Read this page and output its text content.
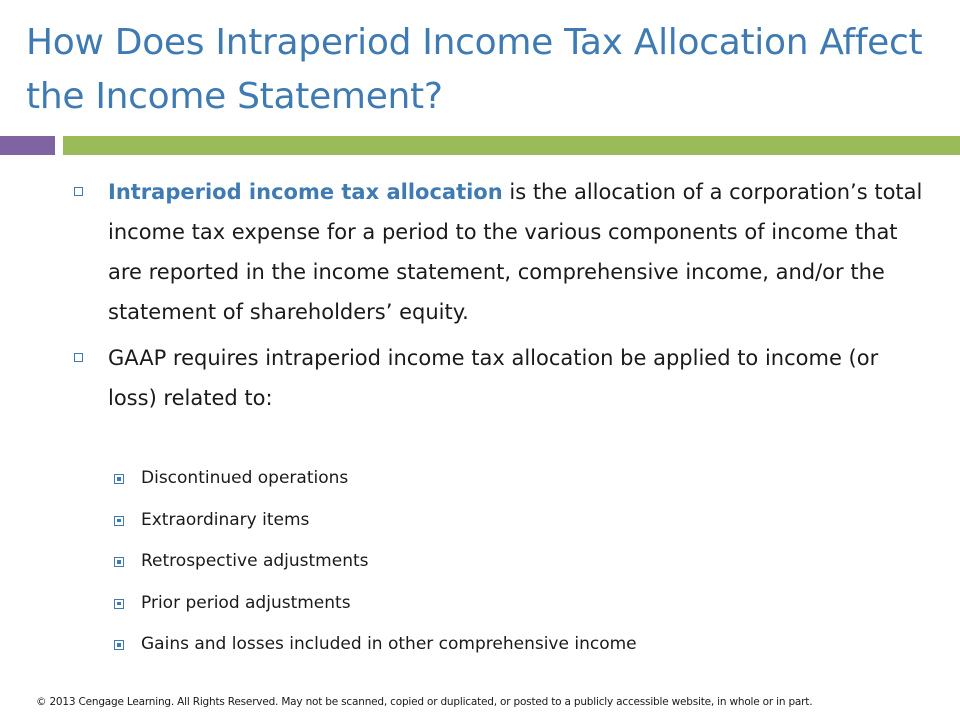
How Does Intraperiod Income Tax Allocation Affect the Income Statement?
Intraperiod income tax allocation is the allocation of a corporation’s total income tax expense for a period to the various components of income that are reported in the income statement, comprehensive income, and/or the statement of shareholders’ equity.
GAAP requires intraperiod income tax allocation be applied to income (or loss) related to:
Discontinued operations
Extraordinary items
Retrospective adjustments
Prior period adjustments
Gains and losses included in other comprehensive income

© 2013 Cengage Learning. All Rights Reserved. May not be scanned, copied or duplicated, or posted to a publicly accessible website, in whole or in part.
